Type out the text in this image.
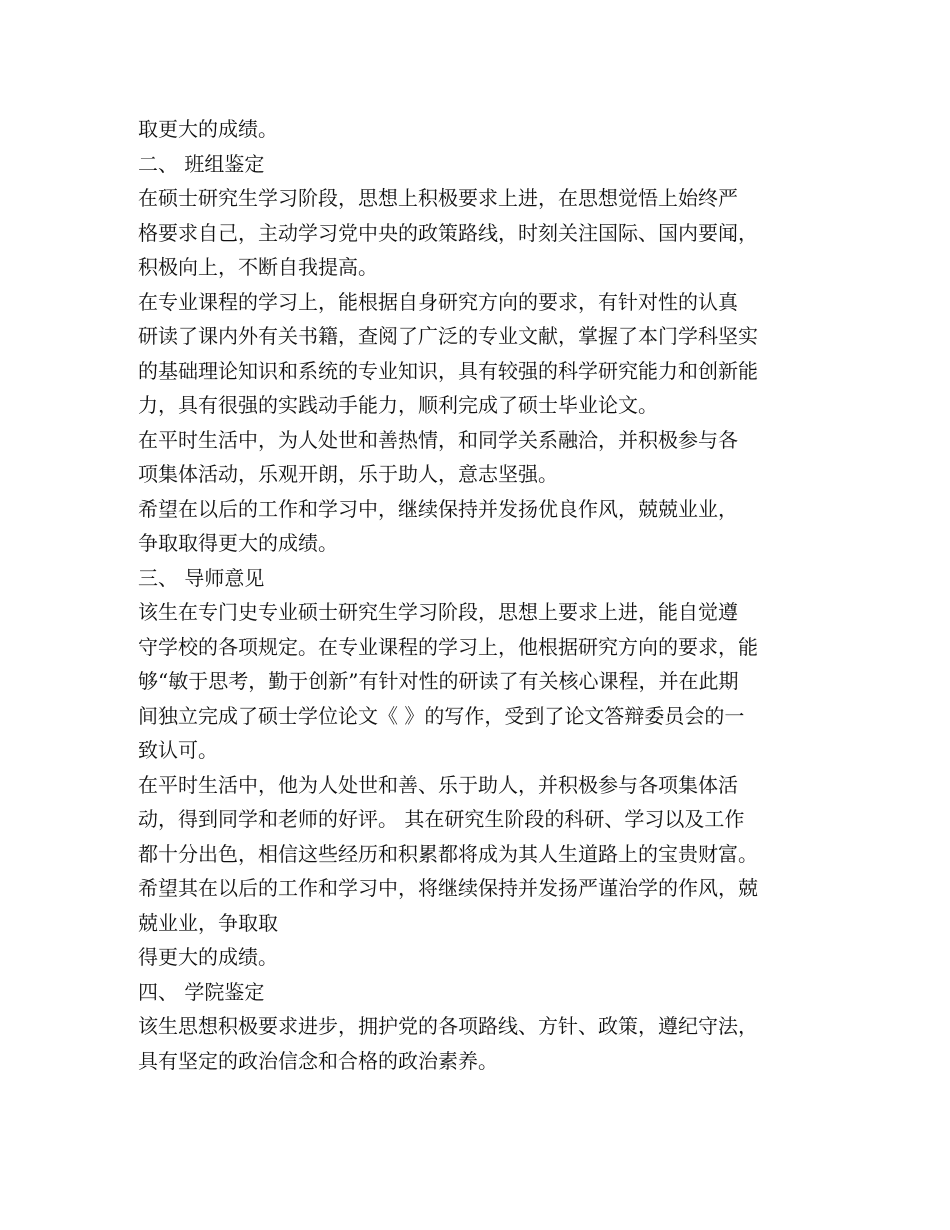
取更大的成绩。
二、 班组鉴定
在硕士研究生学习阶段，思想上积极要求上进，在思想觉悟上始终严
格要求自己，主动学习党中央的政策路线，时刻关注国际、国内要闻，
积极向上，不断自我提高。
在专业课程的学习上，能根据自身研究方向的要求，有针对性的认真
研读了课内外有关书籍，查阅了广泛的专业文献，掌握了本门学科坚实
的基础理论知识和系统的专业知识，具有较强的科学研究能力和创新能
力，具有很强的实践动手能力，顺利完成了硕士毕业论文。
在平时生活中，为人处世和善热情，和同学关系融洽，并积极参与各
项集体活动，乐观开朗，乐于助人，意志坚强。
希望在以后的工作和学习中，继续保持并发扬优良作风，兢兢业业，
争取取得更大的成绩。
三、 导师意见
该生在专门史专业硕士研究生学习阶段，思想上要求上进，能自觉遵
守学校的各项规定。在专业课程的学习上，他根据研究方向的要求，能
够“敏于思考，勤于创新”有针对性的研读了有关核心课程，并在此期
间独立完成了硕士学位论文《 》的写作，受到了论文答辩委员会的一
致认可。
在平时生活中，他为人处世和善、乐于助人，并积极参与各项集体活
动，得到同学和老师的好评。 其在研究生阶段的科研、学习以及工作
都十分出色，相信这些经历和积累都将成为其人生道路上的宝贵财富。
希望其在以后的工作和学习中，将继续保持并发扬严谨治学的作风，兢
兢业业，争取取
得更大的成绩。
四、 学院鉴定
该生思想积极要求进步，拥护党的各项路线、方针、政策，遵纪守法，
具有坚定的政治信念和合格的政治素养。
